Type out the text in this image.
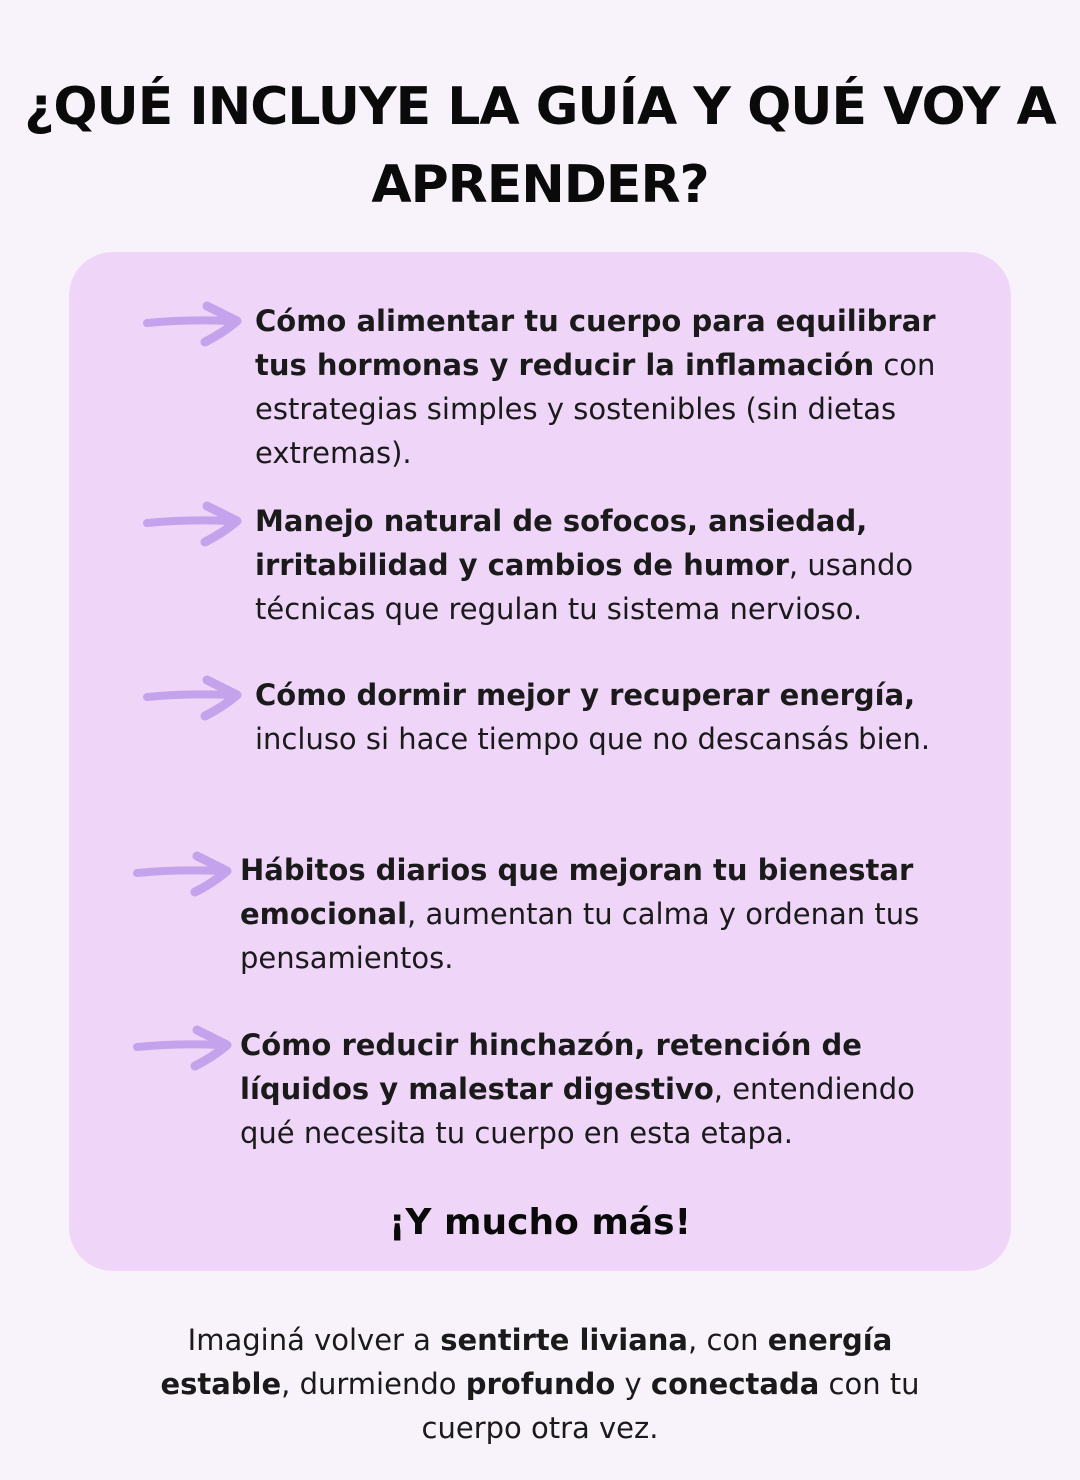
¿QUÉ INCLUYE LA GUÍA Y QUÉ VOY A APRENDER?
Cómo alimentar tu cuerpo para equilibrar tus hormonas y reducir la inflamación con estrategias simples y sostenibles (sin dietas extremas).
Manejo natural de sofocos, ansiedad, irritabilidad y cambios de humor, usando técnicas que regulan tu sistema nervioso.
Cómo dormir mejor y recuperar energía, incluso si hace tiempo que no descansás bien.
Hábitos diarios que mejoran tu bienestar emocional, aumentan tu calma y ordenan tus pensamientos.
Cómo reducir hinchazón, retención de líquidos y malestar digestivo, entendiendo qué necesita tu cuerpo en esta etapa.
¡Y mucho más!

Imaginá volver a sentirte liviana, con energía estable, durmiendo profundo y conectada con tu cuerpo otra vez.
